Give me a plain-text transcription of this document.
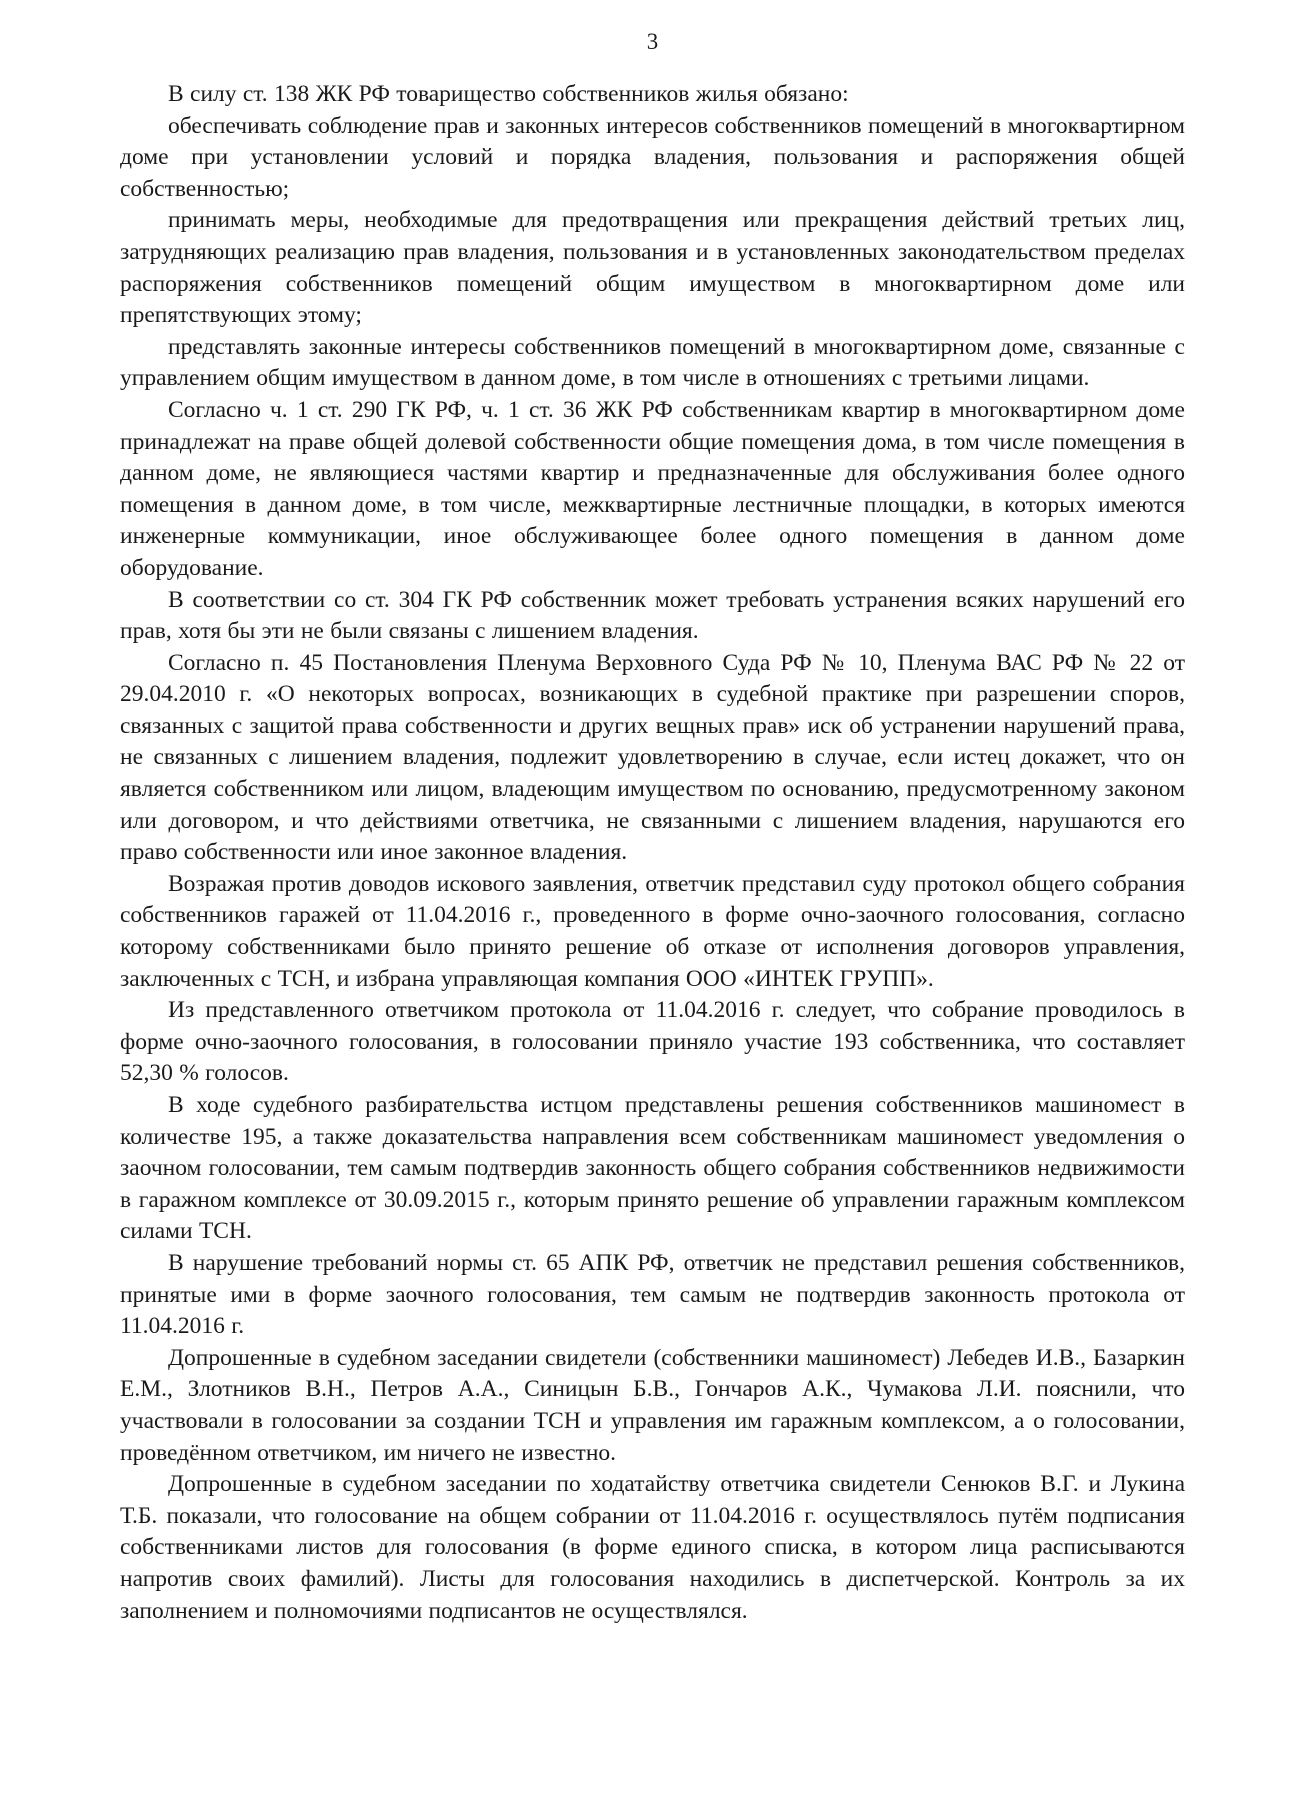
3

В силу ст. 138 ЖК РФ товарищество собственников жилья обязано:

обеспечивать соблюдение прав и законных интересов собственников помещений в многоквартирном доме при установлении условий и порядка владения, пользования и распоряжения общей собственностью;

принимать меры, необходимые для предотвращения или прекращения действий третьих лиц, затрудняющих реализацию прав владения, пользования и в установленных законодательством пределах распоряжения собственников помещений общим имуществом в многоквартирном доме или препятствующих этому;

представлять законные интересы собственников помещений в многоквартирном доме, связанные с управлением общим имуществом в данном доме, в том числе в отношениях с третьими лицами.

Согласно ч. 1 ст. 290 ГК РФ, ч. 1 ст. 36 ЖК РФ собственникам квартир в многоквартирном доме принадлежат на праве общей долевой собственности общие помещения дома, в том числе помещения в данном доме, не являющиеся частями квартир и предназначенные для обслуживания более одного помещения в данном доме, в том числе, межквартирные лестничные площадки, в которых имеются инженерные коммуникации, иное обслуживающее более одного помещения в данном доме оборудование.

В соответствии со ст. 304 ГК РФ собственник может требовать устранения всяких нарушений его прав, хотя бы эти не были связаны с лишением владения.

Согласно п. 45 Постановления Пленума Верховного Суда РФ № 10, Пленума ВАС РФ № 22 от 29.04.2010 г. «О некоторых вопросах, возникающих в судебной практике при разрешении споров, связанных с защитой права собственности и других вещных прав» иск об устранении нарушений права, не связанных с лишением владения, подлежит удовлетворению в случае, если истец докажет, что он является собственником или лицом, владеющим имуществом по основанию, предусмотренному законом или договором, и что действиями ответчика, не связанными с лишением владения, нарушаются его право собственности или иное законное владения.

Возражая против доводов искового заявления, ответчик представил суду протокол общего собрания собственников гаражей от 11.04.2016 г., проведенного в форме очно-заочного голосования, согласно которому собственниками было принято решение об отказе от исполнения договоров управления, заключенных с ТСН, и избрана управляющая компания ООО «ИНТЕК ГРУПП».

Из представленного ответчиком протокола от 11.04.2016 г. следует, что собрание проводилось в форме очно-заочного голосования, в голосовании приняло участие 193 собственника, что составляет 52,30 % голосов.

В ходе судебного разбирательства истцом представлены решения собственников машиномест в количестве 195, а также доказательства направления всем собственникам машиномест уведомления о заочном голосовании, тем самым подтвердив законность общего собрания собственников недвижимости в гаражном комплексе от 30.09.2015 г., которым принято решение об управлении гаражным комплексом силами ТСН.

В нарушение требований нормы ст. 65 АПК РФ, ответчик не представил решения собственников, принятые ими в форме заочного голосования, тем самым не подтвердив законность протокола от 11.04.2016 г.

Допрошенные в судебном заседании свидетели (собственники машиномест) Лебедев И.В., Базаркин Е.М., Злотников В.Н., Петров А.А., Синицын Б.В., Гончаров А.К., Чумакова Л.И. пояснили, что участвовали в голосовании за создании ТСН и управления им гаражным комплексом, а о голосовании, проведённом ответчиком, им ничего не известно.

Допрошенные в судебном заседании по ходатайству ответчика свидетели Сенюков В.Г. и Лукина Т.Б. показали, что голосование на общем собрании от 11.04.2016 г. осуществлялось путём подписания собственниками листов для голосования (в форме единого списка, в котором лица расписываются напротив своих фамилий). Листы для голосования находились в диспетчерской. Контроль за их заполнением и полномочиями подписантов не осуществлялся.
